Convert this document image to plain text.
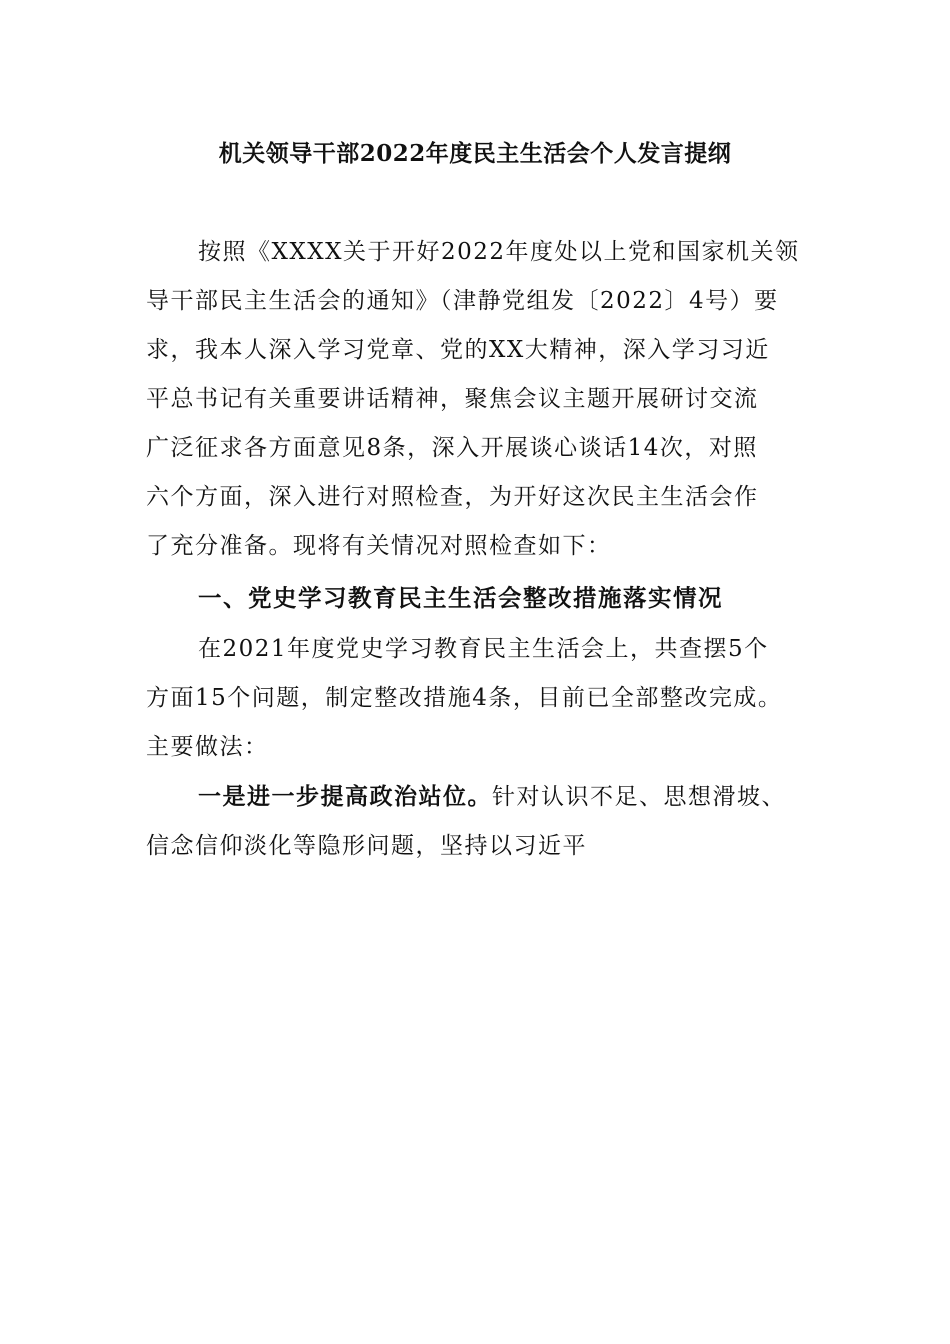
机关领导干部2022年度民主生活会个人发言提纲
按照《XXXX关于开好2022年度处以上党和国家机关领
导干部民主生活会的通知》（津静党组发〔2022〕4号）要
求，我本人深入学习党章、党的XX大精神，深入学习习近
平总书记有关重要讲话精神，聚焦会议主题开展研讨交流
广泛征求各方面意见8条，深入开展谈心谈话14次，对照
六个方面，深入进行对照检查，为开好这次民主生活会作
了充分准备。现将有关情况对照检查如下：
一、党史学习教育民主生活会整改措施落实情况
在2021年度党史学习教育民主生活会上，共查摆5个
方面15个问题，制定整改措施4条，目前已全部整改完成。
主要做法：
一是进一步提高政治站位。针对认识不足、思想滑坡、
信念信仰淡化等隐形问题，坚持以习近平
